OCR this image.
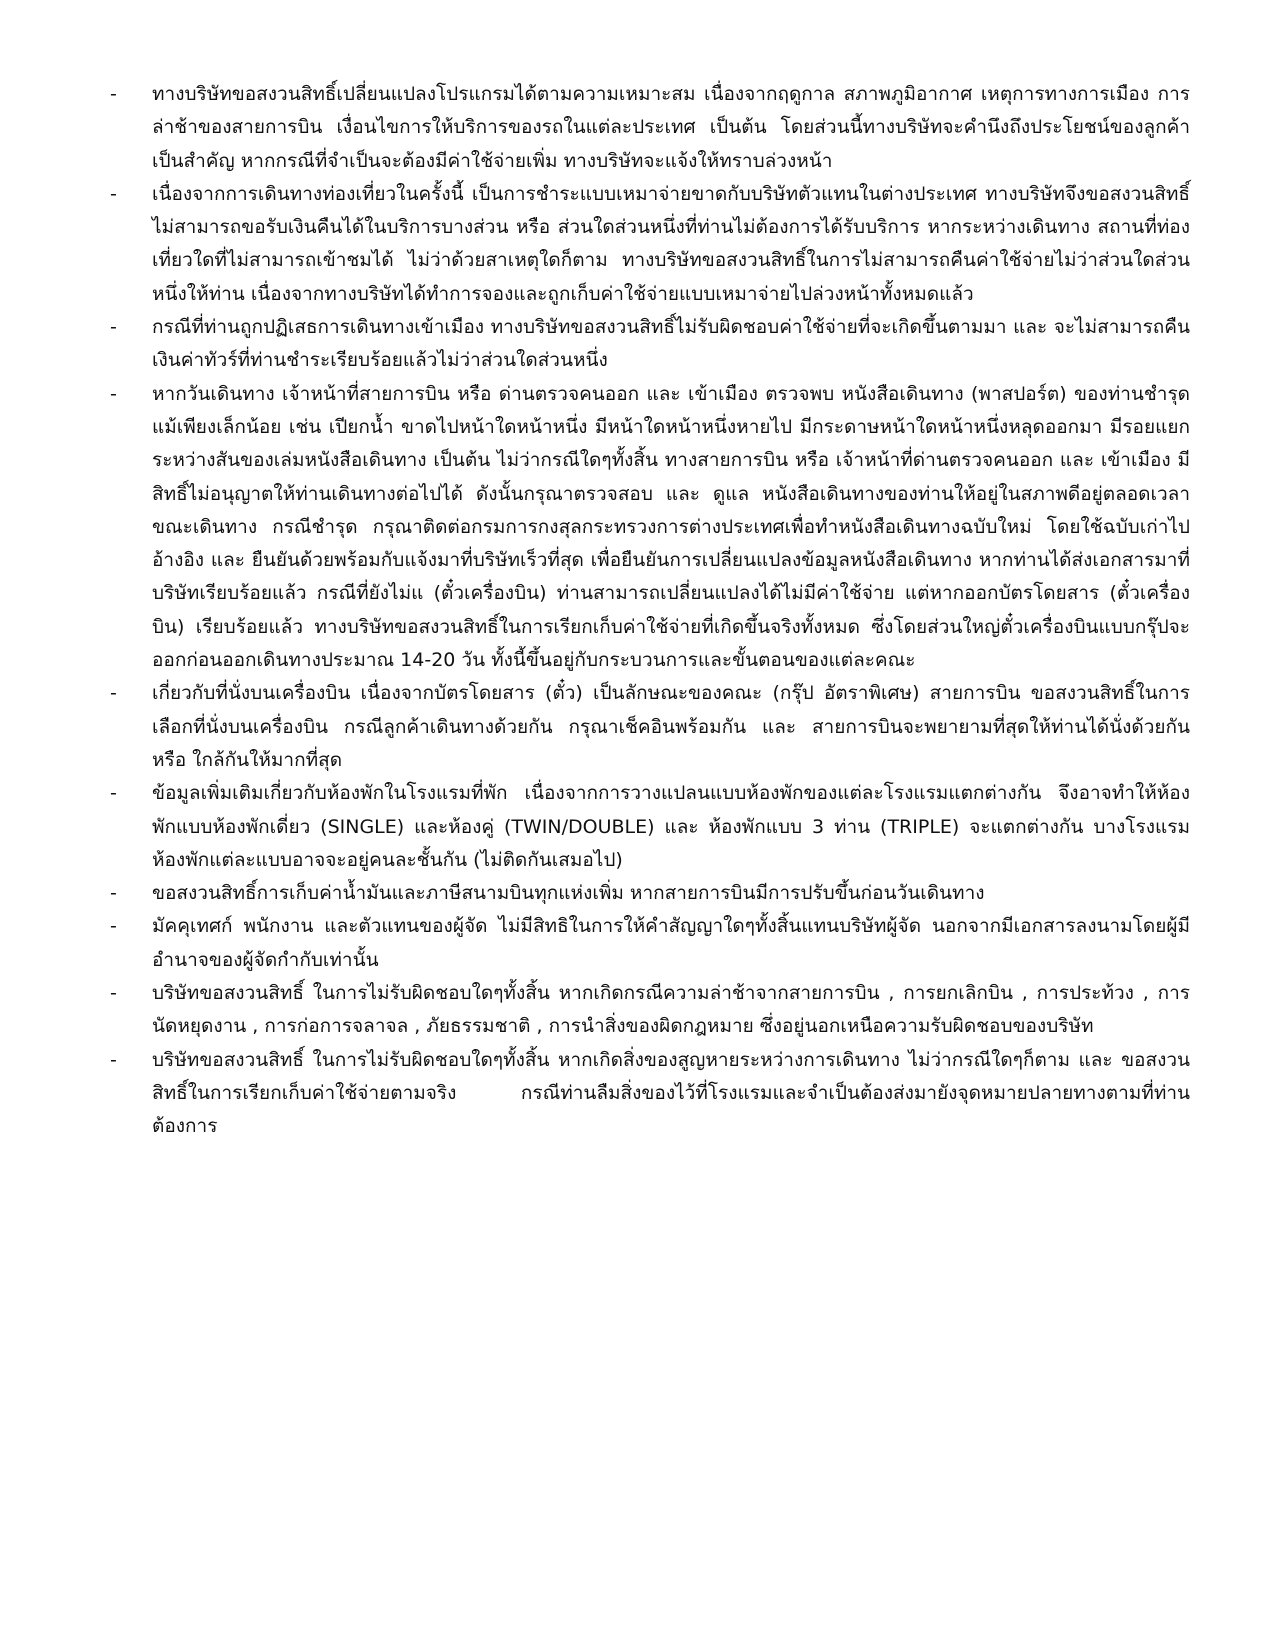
-	ทางบริษัทขอสงวนสิทธิ์เปลี่ยนแปลงโปรแกรมได้ตามความเหมาะสม เนื่องจากฤดูกาล สภาพภูมิอากาศ เหตุการทางการเมือง การล่าช้าของสายการบิน เงื่อนไขการให้บริการของรถในแต่ละประเทศ เป็นต้น โดยส่วนนี้ทางบริษัทจะคำนึงถึงประโยชน์ของลูกค้าเป็นสำคัญ หากกรณีที่จำเป็นจะต้องมีค่าใช้จ่ายเพิ่ม ทางบริษัทจะแจ้งให้ทราบล่วงหน้า
-	เนื่องจากการเดินทางท่องเที่ยวในครั้งนี้ เป็นการชำระแบบเหมาจ่ายขาดกับบริษัทตัวแทนในต่างประเทศ ทางบริษัทจึงขอสงวนสิทธิ์ ไม่สามารถขอรับเงินคืนได้ในบริการบางส่วน หรือ ส่วนใดส่วนหนึ่งที่ท่านไม่ต้องการได้รับบริการ หากระหว่างเดินทาง สถานที่ท่องเที่ยวใดที่ไม่สามารถเข้าชมได้ ไม่ว่าด้วยสาเหตุใดก็ตาม ทางบริษัทขอสงวนสิทธิ์ในการไม่สามารถคืนค่าใช้จ่ายไม่ว่าส่วนใดส่วนหนึ่งให้ท่าน เนื่องจากทางบริษัทได้ทำการจองและถูกเก็บค่าใช้จ่ายแบบเหมาจ่ายไปล่วงหน้าทั้งหมดแล้ว
-	กรณีที่ท่านถูกปฏิเสธการเดินทางเข้าเมือง ทางบริษัทขอสงวนสิทธิ์ไม่รับผิดชอบค่าใช้จ่ายที่จะเกิดขึ้นตามมา และ จะไม่สามารถคืนเงินค่าทัวร์ที่ท่านชำระเรียบร้อยแล้วไม่ว่าส่วนใดส่วนหนึ่ง
-	หากวันเดินทาง เจ้าหน้าที่สายการบิน หรือ ด่านตรวจคนออก และ เข้าเมือง ตรวจพบ หนังสือเดินทาง (พาสปอร์ต) ของท่านชำรุดแม้เพียงเล็กน้อย เช่น เปียกน้ำ ขาดไปหน้าใดหน้าหนึ่ง มีหน้าใดหน้าหนึ่งหายไป มีกระดาษหน้าใดหน้าหนึ่งหลุดออกมา มีรอยแยกระหว่างสันของเล่มหนังสือเดินทาง เป็นต้น ไม่ว่ากรณีใดๆทั้งสิ้น ทางสายการบิน หรือ เจ้าหน้าที่ด่านตรวจคนออก และ เข้าเมือง มีสิทธิ์ไม่อนุญาตให้ท่านเดินทางต่อไปได้ ดังนั้นกรุณาตรวจสอบ และ ดูแล หนังสือเดินทางของท่านให้อยู่ในสภาพดีอยู่ตลอดเวลา ขณะเดินทาง กรณีชำรุด กรุณาติดต่อกรมการกงสุลกระทรวงการต่างประเทศเพื่อทำหนังสือเดินทางฉบับใหม่ โดยใช้ฉบับเก่าไปอ้างอิง และ ยืนยันด้วยพร้อมกับแจ้งมาที่บริษัทเร็วที่สุด เพื่อยืนยันการเปลี่ยนแปลงข้อมูลหนังสือเดินทาง หากท่านได้ส่งเอกสารมาที่บริษัทเรียบร้อยแล้ว กรณีที่ยังไม่แ (ตั๋วเครื่องบิน) ท่านสามารถเปลี่ยนแปลงได้ไม่มีค่าใช้จ่าย แต่หากออกบัตรโดยสาร (ตั๋วเครื่องบิน) เรียบร้อยแล้ว ทางบริษัทขอสงวนสิทธิ์ในการเรียกเก็บค่าใช้จ่ายที่เกิดขึ้นจริงทั้งหมด ซึ่งโดยส่วนใหญ่ตั๋วเครื่องบินแบบกรุ๊ปจะออกก่อนออกเดินทางประมาณ 14-20 วัน ทั้งนี้ขึ้นอยู่กับกระบวนการและขั้นตอนของแต่ละคณะ
-	เกี่ยวกับที่นั่งบนเครื่องบิน เนื่องจากบัตรโดยสาร (ตั๋ว) เป็นลักษณะของคณะ (กรุ๊ป อัตราพิเศษ) สายการบิน ขอสงวนสิทธิ์ในการเลือกที่นั่งบนเครื่องบิน กรณีลูกค้าเดินทางด้วยกัน กรุณาเช็คอินพร้อมกัน และ สายการบินจะพยายามที่สุดให้ท่านได้นั่งด้วยกัน หรือ ใกล้กันให้มากที่สุด
-	ข้อมูลเพิ่มเติมเกี่ยวกับห้องพักในโรงแรมที่พัก เนื่องจากการวางแปลนแบบห้องพักของแต่ละโรงแรมแตกต่างกัน จึงอาจทำให้ห้องพักแบบห้องพักเดี่ยว (SINGLE) และห้องคู่ (TWIN/DOUBLE) และ ห้องพักแบบ 3 ท่าน (TRIPLE) จะแตกต่างกัน บางโรงแรม ห้องพักแต่ละแบบอาจจะอยู่คนละชั้นกัน (ไม่ติดกันเสมอไป)
-	ขอสงวนสิทธิ์การเก็บค่าน้ำมันและภาษีสนามบินทุกแห่งเพิ่ม หากสายการบินมีการปรับขึ้นก่อนวันเดินทาง
-	มัคคุเทศก์ พนักงาน และตัวแทนของผู้จัด ไม่มีสิทธิในการให้คำสัญญาใดๆทั้งสิ้นแทนบริษัทผู้จัด นอกจากมีเอกสารลงนามโดยผู้มีอำนาจของผู้จัดกำกับเท่านั้น
-	บริษัทขอสงวนสิทธิ์ ในการไม่รับผิดชอบใดๆทั้งสิ้น หากเกิดกรณีความล่าช้าจากสายการบิน , การยกเลิกบิน , การประท้วง , การนัดหยุดงาน , การก่อการจลาจล , ภัยธรรมชาติ , การนำสิ่งของผิดกฎหมาย ซึ่งอยู่นอกเหนือความรับผิดชอบของบริษัท
-	บริษัทขอสงวนสิทธิ์ ในการไม่รับผิดชอบใดๆทั้งสิ้น หากเกิดสิ่งของสูญหายระหว่างการเดินทาง ไม่ว่ากรณีใดๆก็ตาม และ ขอสงวนสิทธิ์ในการเรียกเก็บค่าใช้จ่ายตามจริง กรณีท่านลืมสิ่งของไว้ที่โรงแรมและจำเป็นต้องส่งมายังจุดหมายปลายทางตามที่ท่านต้องการ
